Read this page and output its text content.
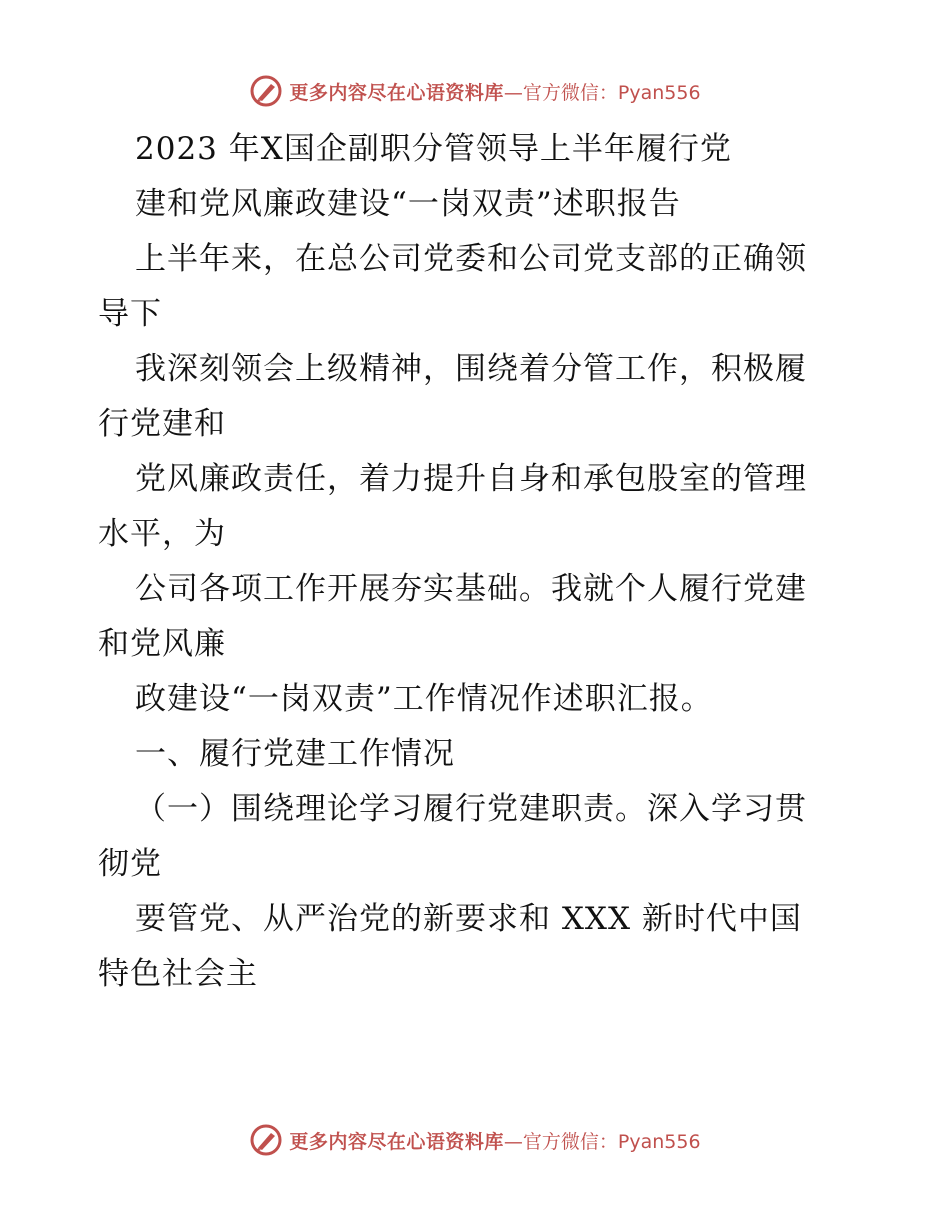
更多内容尽在心语资料库 —官方微信：Pyan556
2023 年X国企副职分管领导上半年履行党
建和党风廉政建设“一岗双责”述职报告
上半年来，在总公司党委和公司党支部的正确领
导下
我深刻领会上级精神，围绕着分管工作，积极履
行党建和
党风廉政责任，着力提升自身和承包股室的管理
水平，为
公司各项工作开展夯实基础。我就个人履行党建
和党风廉
政建设“一岗双责”工作情况作述职汇报。
一、履行党建工作情况
（一）围绕理论学习履行党建职责。深入学习贯
彻党
要管党、从严治党的新要求和 XXX 新时代中国
特色社会主
更多内容尽在心语资料库 —官方微信：Pyan556
